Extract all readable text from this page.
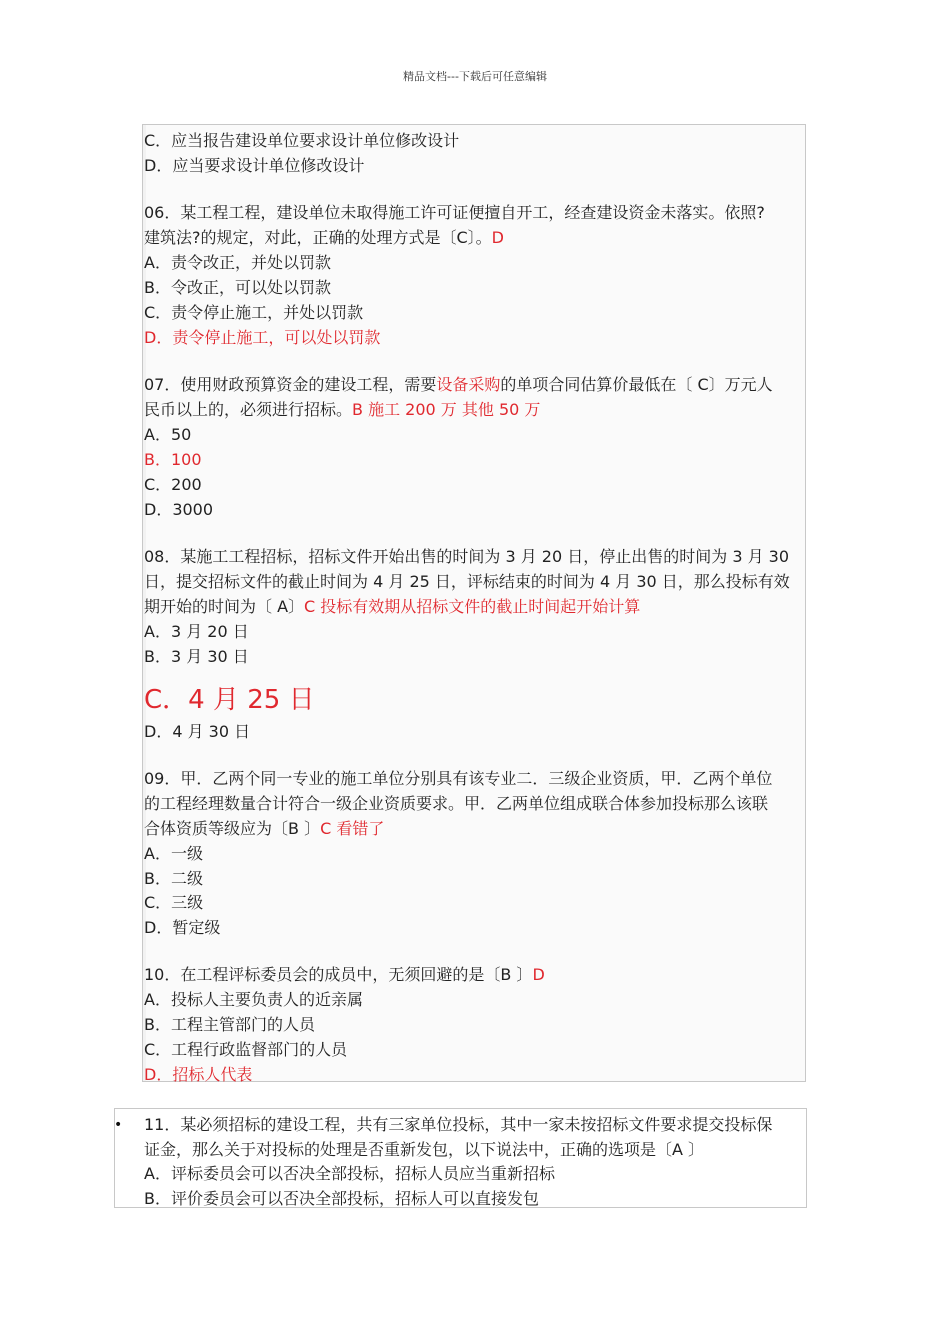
精品文档---下载后可任意编辑
C．应当报告建设单位要求设计单位修改设计
D．应当要求设计单位修改设计
06．某工程工程，建设单位未取得施工许可证便擅自开工，经查建设资金未落实。依照?
建筑法?的规定，对此，正确的处理方式是〔C〕。D
A．责令改正，并处以罚款
B．令改正，可以处以罚款
C．责令停止施工，并处以罚款
D．责令停止施工，可以处以罚款
07．使用财政预算资金的建设工程，需要设备采购的单项合同估算价最低在〔 C〕万元人
民币以上的，必须进行招标。B 施工 200 万 其他 50 万
A．50
B．100
C．200
D．3000
08．某施工工程招标，招标文件开始出售的时间为 3 月 20 日，停止出售的时间为 3 月 30
日，提交招标文件的截止时间为 4 月 25 日，评标结束的时间为 4 月 30 日，那么投标有效
期开始的时间为〔 A〕C 投标有效期从招标文件的截止时间起开始计算
A．3 月 20 日
B．3 月 30 日
C．4 月 25 日
D．4 月 30 日
09．甲．乙两个同一专业的施工单位分别具有该专业二．三级企业资质，甲．乙两个单位
的工程经理数量合计符合一级企业资质要求。甲．乙两单位组成联合体参加投标那么该联
合体资质等级应为〔B 〕C 看错了
A．一级
B．二级
C．三级
D．暂定级
10．在工程评标委员会的成员中，无须回避的是〔B 〕D
A．投标人主要负责人的近亲属
B．工程主管部门的人员
C．工程行政监督部门的人员
D．招标人代表
• 11．某必须招标的建设工程，共有三家单位投标，其中一家未按招标文件要求提交投标保
证金，那么关于对投标的处理是否重新发包，以下说法中，正确的选项是〔A 〕
A．评标委员会可以否决全部投标，招标人员应当重新招标
B．评价委员会可以否决全部投标，招标人可以直接发包
